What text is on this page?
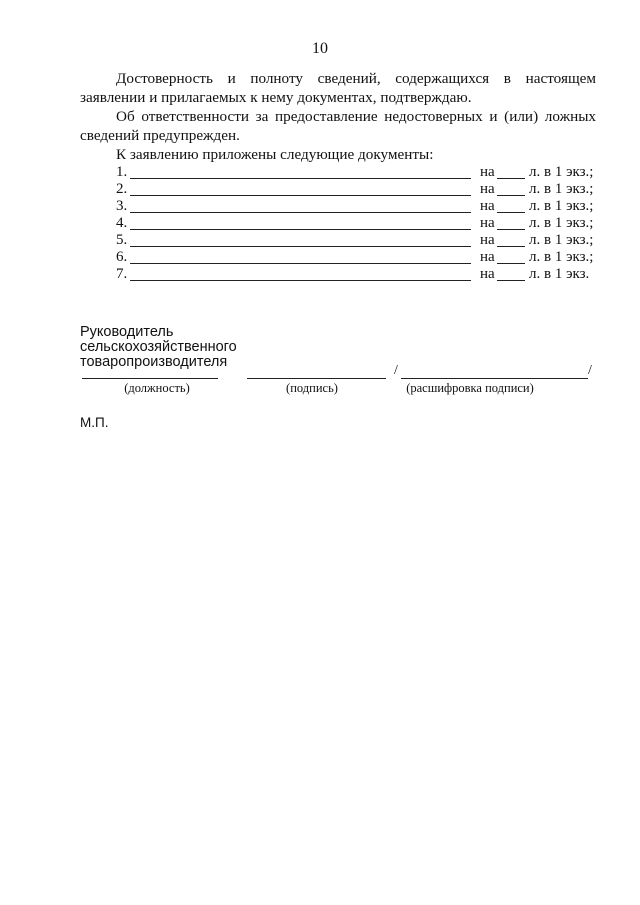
10
Достоверность и полноту сведений, содержащихся в настоящем
заявлении и прилагаемых к нему документах, подтверждаю.
Об ответственности за предоставление недостоверных и (или) ложных
сведений предупрежден.
К заявлению приложены следующие документы:
1.	на л. в 1 экз.;
2.	на л. в 1 экз.;
3.	на л. в 1 экз.;
4.	на л. в 1 экз.;
5.	на л. в 1 экз.;
6.	на л. в 1 экз.;
7.	на л. в 1 экз.
Руководитель
сельскохозяйственного
товаропроизводителя
/	/
(должность)	(подпись)	(расшифровка подписи)
М.П.
